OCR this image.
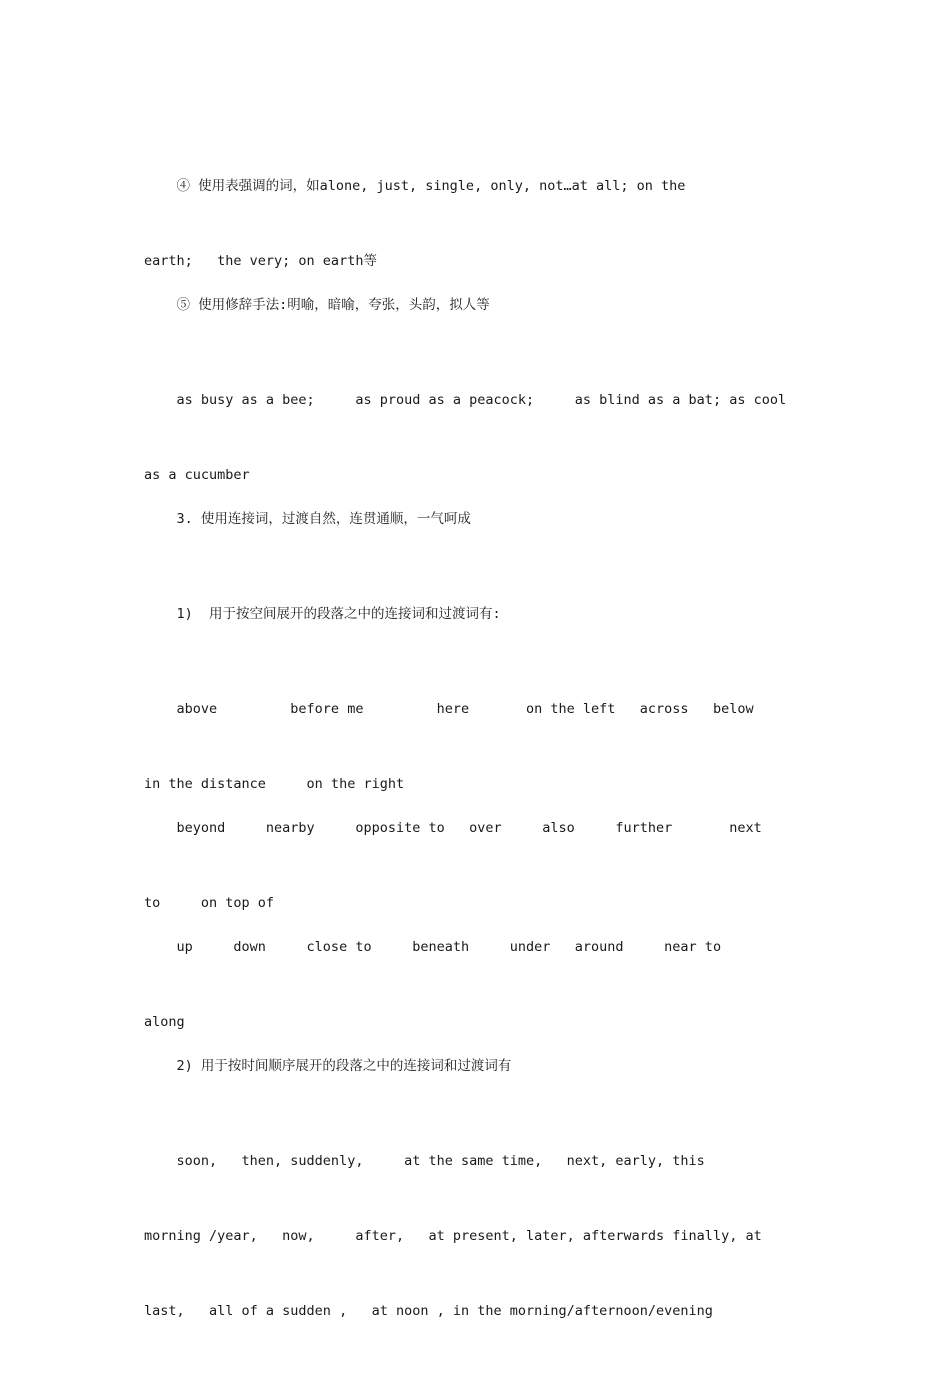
④ 使用表强调的词，如alone, just, single, only, not…at all; on the

earth;   the very; on earth等

⑤ 使用修辞手法:明喻，暗喻，夸张，头韵，拟人等

as busy as a bee;     as proud as a peacock;     as blind as a bat; as cool

as a cucumber

3. 使用连接词，过渡自然，连贯通顺，一气呵成

1)  用于按空间展开的段落之中的连接词和过渡词有:

above         before me         here       on the left   across   below

in the distance     on the right

beyond     nearby     opposite to   over     also     further       next

to     on top of

up     down     close to     beneath     under   around     near to

along

2) 用于按时间顺序展开的段落之中的连接词和过渡词有

soon,   then, suddenly,     at the same time,   next, early, this

morning /year,   now,     after,   at present, later, afterwards finally, at

last,   all of a sudden ,   at noon , in the morning/afternoon/evening
